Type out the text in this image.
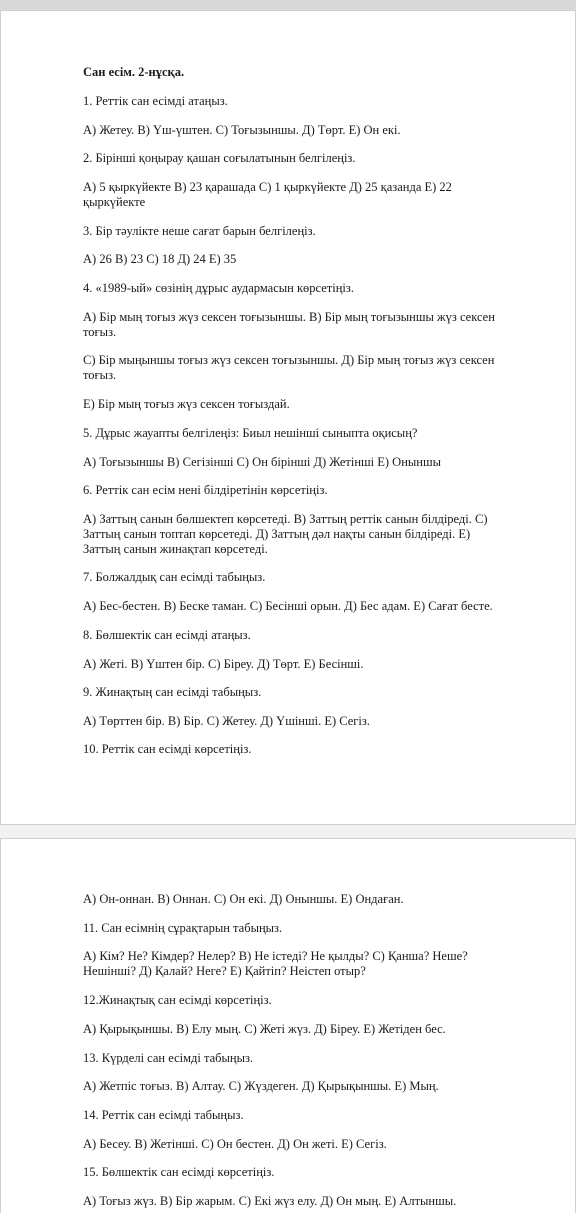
Сан есім. 2-нұсқа.
1. Реттік сан есімді атаңыз.
А) Жетеу. В) Үш-үштен. С) Тоғызыншы. Д) Төрт. Е) Он екі.
2. Бірінші қоңырау қашан соғылатынын белгілеңіз.
А) 5 қыркүйекте В) 23 қарашада С) 1 қыркүйекте Д) 25 қазанда Е) 22
қыркүйекте
3. Бір тәулікте неше сағат барын белгілеңіз.
А) 26 В) 23 С) 18 Д) 24 Е) 35
4. «1989-ый» сөзінің дұрыс аудармасын көрсетіңіз.
А) Бір мың тоғыз жүз сексен тоғызыншы. В) Бір мың тоғызыншы жүз сексен
тоғыз.
С) Бір мыңыншы тоғыз жүз сексен тоғызыншы. Д) Бір мың тоғыз жүз сексен
тоғыз.
Е) Бір мың тоғыз жүз сексен тоғыздай.
5. Дұрыс жауапты белгілеңіз: Биыл нешінші сыныпта оқисың?
А) Тоғызыншы В) Сегізінші С) Он бірінші Д) Жетінші Е) Оныншы
6. Реттік сан есім нені білдіретінін көрсетіңіз.
А) Заттың санын бөлшектеп көрсетеді. В) Заттың реттік санын білдіреді. С)
Заттың санын топтап көрсетеді. Д) Заттың дәл нақты санын білдіреді. Е)
Заттың санын жинақтап көрсетеді.
7. Болжалдық сан есімді табыңыз.
А) Бес-бестен. В) Беске таман. С) Бесінші орын. Д) Бес адам. Е) Сағат бесте.
8. Бөлшектік сан есімді атаңыз.
А) Жеті. В) Үштен бір. С) Біреу. Д) Төрт. Е) Бесінші.
9. Жинақтың сан есімді табыңыз.
А) Төрттен бір. В) Бір. С) Жетеу. Д) Үшінші. Е) Сегіз.
10. Реттік сан есімді көрсетіңіз.
А) Он-оннан. В) Оннан. С) Он екі. Д) Оныншы. Е) Ондаған.
11. Сан есімнің сұрақтарын табыңыз.
А) Кім? Не? Кімдер? Нелер? В) Не істеді? Не қылды? С) Қанша? Неше?
Нешінші? Д) Қалай? Неге? Е) Қайтіп? Неістеп отыр?
12.Жинақтық сан есімді көрсетіңіз.
А) Қырықыншы. В) Елу мың. С) Жеті жүз. Д) Біреу. Е) Жетіден бес.
13. Күрделі сан есімді табыңыз.
А) Жетпіс тоғыз. В) Алтау. С) Жүздеген. Д) Қырықыншы. Е) Мың.
14. Реттік сан есімді табыңыз.
А) Бесеу. В) Жетінші. С) Он бестен. Д) Он жеті. Е) Сегіз.
15. Бөлшектік сан есімді көрсетіңіз.
А) Тоғыз жүз. В) Бір жарым. С) Екі жүз елу. Д) Он мың. Е) Алтыншы.
